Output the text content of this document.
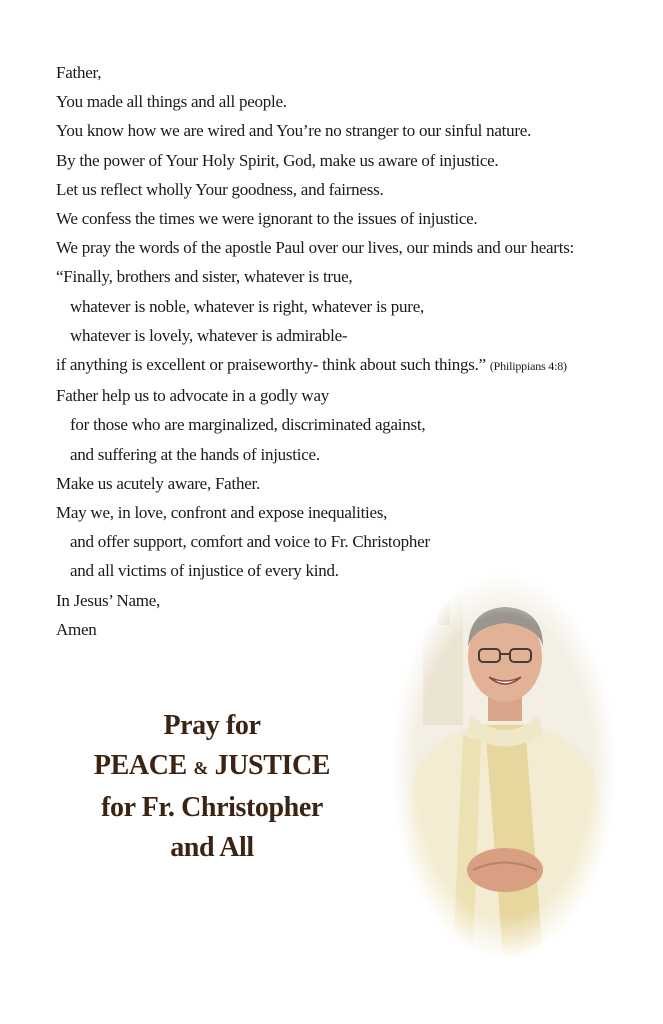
Father,
You made all things and all people.
You know how we are wired and You’re no stranger to our sinful nature.
By the power of Your Holy Spirit, God, make us aware of injustice.
Let us reflect wholly Your goodness, and fairness.
We confess the times we were ignorant to the issues of injustice.
We pray the words of the apostle Paul over our lives, our minds and our hearts:
“Finally, brothers and sister, whatever is true,
whatever is noble, whatever is right, whatever is pure,
whatever is lovely, whatever is admirable-
if anything is excellent or praiseworthy- think about such things.” (Philippians 4:8)
Father help us to advocate in a godly way
for those who are marginalized, discriminated against,
and suffering at the hands of injustice.
Make us acutely aware, Father.
May we, in love, confront and expose inequalities,
and offer support, comfort and voice to Fr. Christopher
and all victims of injustice of every kind.
In Jesus’ Name,
Amen
Pray for
PEACE & JUSTICE
for Fr. Christopher
and All
